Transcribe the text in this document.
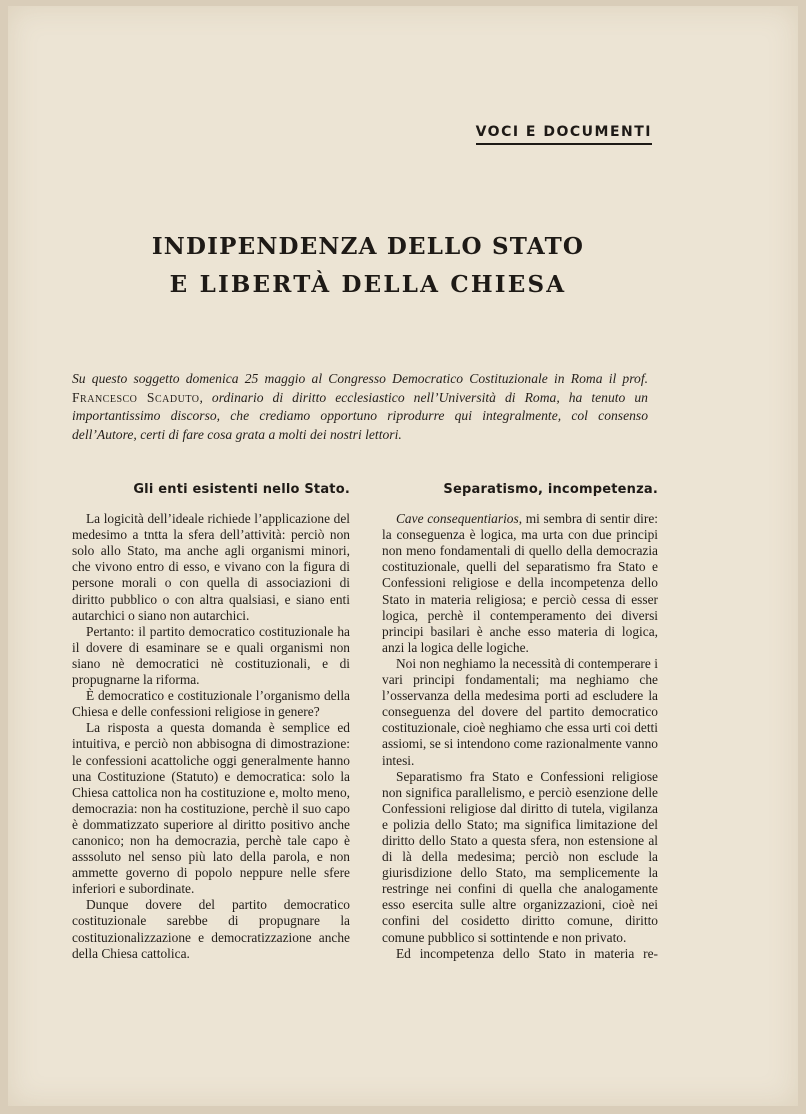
VOCI E DOCUMENTI
INDIPENDENZA DELLO STATO
E LIBERTÀ DELLA CHIESA
Su questo soggetto domenica 25 maggio al Congresso Democratico Costituzionale in Roma il prof. Francesco Scaduto, ordinario di diritto ecclesiastico nell’Università di Roma, ha tenuto un importantissimo discorso, che crediamo opportuno riprodurre qui integralmente, col consenso dell’Autore, certi di fare cosa grata a molti dei nostri lettori.
Gli enti esistenti nello Stato.

La logicità dell’ideale richiede l’applicazione del medesimo a tntta la sfera dell’attività: perciò non solo allo Stato, ma anche agli organismi minori, che vivono entro di esso, e vivano con la figura di persone morali o con quella di associazioni di diritto pubblico o con altra qualsiasi, e siano enti autarchici o siano non autarchici.

Pertanto: il partito democratico costituzionale ha il dovere di esaminare se e quali organismi non siano nè democratici nè costituzionali, e di propugnarne la riforma.

È democratico e costituzionale l’organismo della Chiesa e delle confessioni religiose in genere?

La risposta a questa domanda è semplice ed intuitiva, e perciò non abbisogna di dimostrazione: le confessioni acattoliche oggi generalmente hanno una Costituzione (Statuto) e democratica: solo la Chiesa cattolica non ha costituzione e, molto meno, democrazia: non ha costituzione, perchè il suo capo è dommatizzato superiore al diritto positivo anche canonico; non ha democrazia, perchè tale capo è asssoluto nel senso più lato della parola, e non ammette governo di popolo neppure nelle sfere inferiori e subordinate.

Dunque dovere del partito democratico costituzionale sarebbe di propugnare la costituzionalizzazione e democratizzazione anche della Chiesa cattolica.

Separatismo, incompetenza.

Cave consequentiarios, mi sembra di sentir dire: la conseguenza è logica, ma urta con due principi non meno fondamentali di quello della democrazia costituzionale, quelli del separatismo fra Stato e Confessioni religiose e della incompetenza dello Stato in materia religiosa; e perciò cessa di esser logica, perchè il contemperamento dei diversi principi basilari è anche esso materia di logica, anzi la logica delle logiche.

Noi non neghiamo la necessità di contemperare i vari principi fondamentali; ma neghiamo che l’osservanza della medesima porti ad escludere la conseguenza del dovere del partito democratico costituzionale, cioè neghiamo che essa urti coi detti assiomi, se si intendono come razionalmente vanno intesi.

Separatismo fra Stato e Confessioni religiose non significa parallelismo, e perciò esenzione delle Confessioni religiose dal diritto di tutela, vigilanza e polizia dello Stato; ma significa limitazione del diritto dello Stato a questa sfera, non estensione al di là della medesima; perciò non esclude la giurisdizione dello Stato, ma semplicemente la restringe nei confini di quella che analogamente esso esercita sulle altre organizzazioni, cioè nei confini del cosidetto diritto comune, diritto comune pubblico si sottintende e non privato.

Ed incompetenza dello Stato in materia re-
